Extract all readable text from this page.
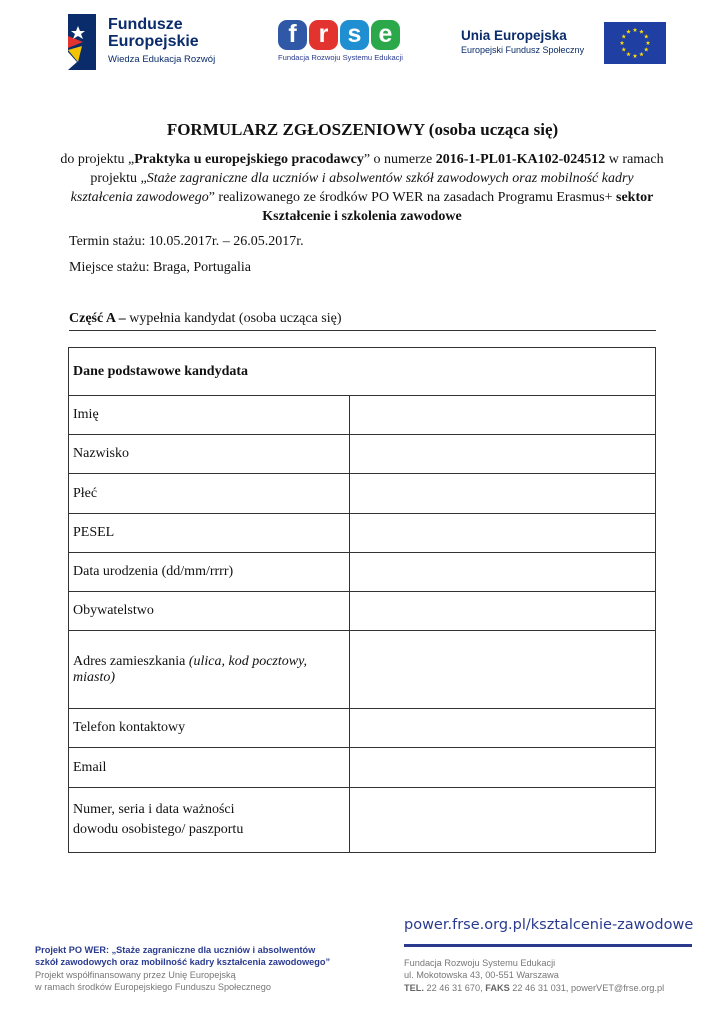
Fundusze
Europejskie
Wiedza Edukacja Rozwój
f r s e
Fundacja Rozwoju Systemu Edukacji
Unia Europejska
Europejski Fundusz Społeczny
FORMULARZ ZGŁOSZENIOWY (osoba ucząca się)
do projektu „Praktyka u europejskiego pracodawcy” o numerze 2016-1-PL01-KA102-024512 w ramach projektu „Staże zagraniczne dla uczniów i absolwentów szkół zawodowych oraz mobilność kadry kształcenia zawodowego” realizowanego ze środków PO WER na zasadach Programu Erasmus+ sektor Kształcenie i szkolenia zawodowe
Termin stażu: 10.05.2017r. – 26.05.2017r.
Miejsce stażu: Braga, Portugalia
Część A – wypełnia kandydat (osoba ucząca się)
Dane podstawowe kandydata	
Imię	
Nazwisko	
Płeć	
PESEL	
Data urodzenia (dd/mm/rrrr)	
Obywatelstwo	
Adres zamieszkania (ulica, kod pocztowy, miasto)	
Telefon kontaktowy	
Email	

Numer, seria i data ważności
dowodu osobistego/ paszportu	

power.frse.org.pl/ksztalcenie-zawodowe
Projekt PO WER: „Staże zagraniczne dla uczniów i absolwentów
szkół zawodowych oraz mobilność kadry kształcenia zawodowego”
Projekt współfinansowany przez Unię Europejską
w ramach środków Europejskiego Funduszu Społecznego
Fundacja Rozwoju Systemu Edukacji
ul. Mokotowska 43, 00-551 Warszawa
TEL. 22 46 31 670, FAKS 22 46 31 031, powerVET@frse.org.pl
